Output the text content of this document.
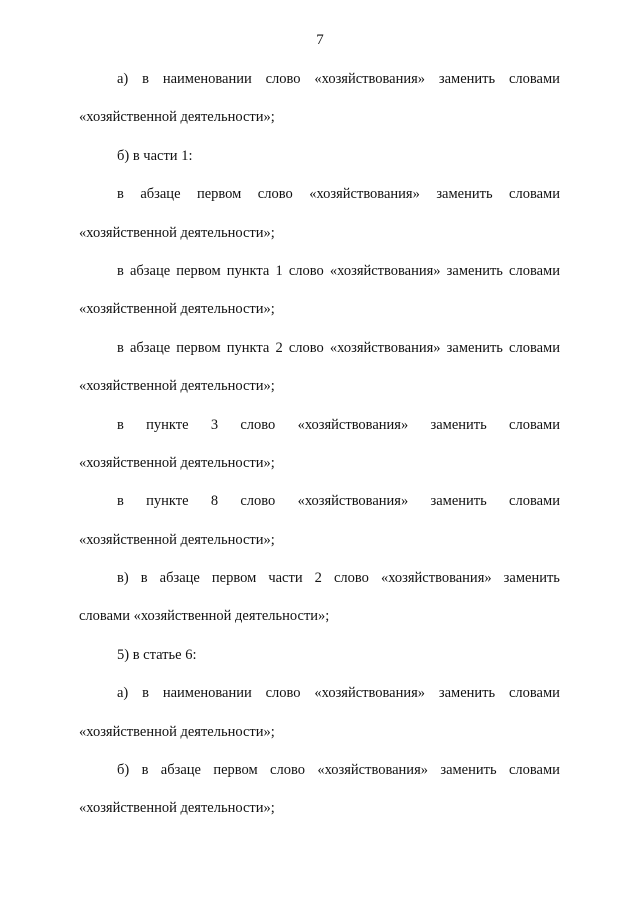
7
а) в наименовании слово «хозяйствования» заменить словами
«хозяйственной деятельности»;
б) в части 1:
в абзаце первом слово «хозяйствования» заменить словами
«хозяйственной деятельности»;
в абзаце первом пункта 1 слово «хозяйствования» заменить словами
«хозяйственной деятельности»;
в абзаце первом пункта 2 слово «хозяйствования» заменить словами
«хозяйственной деятельности»;
в пункте 3 слово «хозяйствования» заменить словами
«хозяйственной деятельности»;
в пункте 8 слово «хозяйствования» заменить словами
«хозяйственной деятельности»;
в) в абзаце первом части 2 слово «хозяйствования» заменить
словами «хозяйственной деятельности»;
5) в статье 6:
а) в наименовании слово «хозяйствования» заменить словами
«хозяйственной деятельности»;
б) в абзаце первом слово «хозяйствования» заменить словами
«хозяйственной деятельности»;
